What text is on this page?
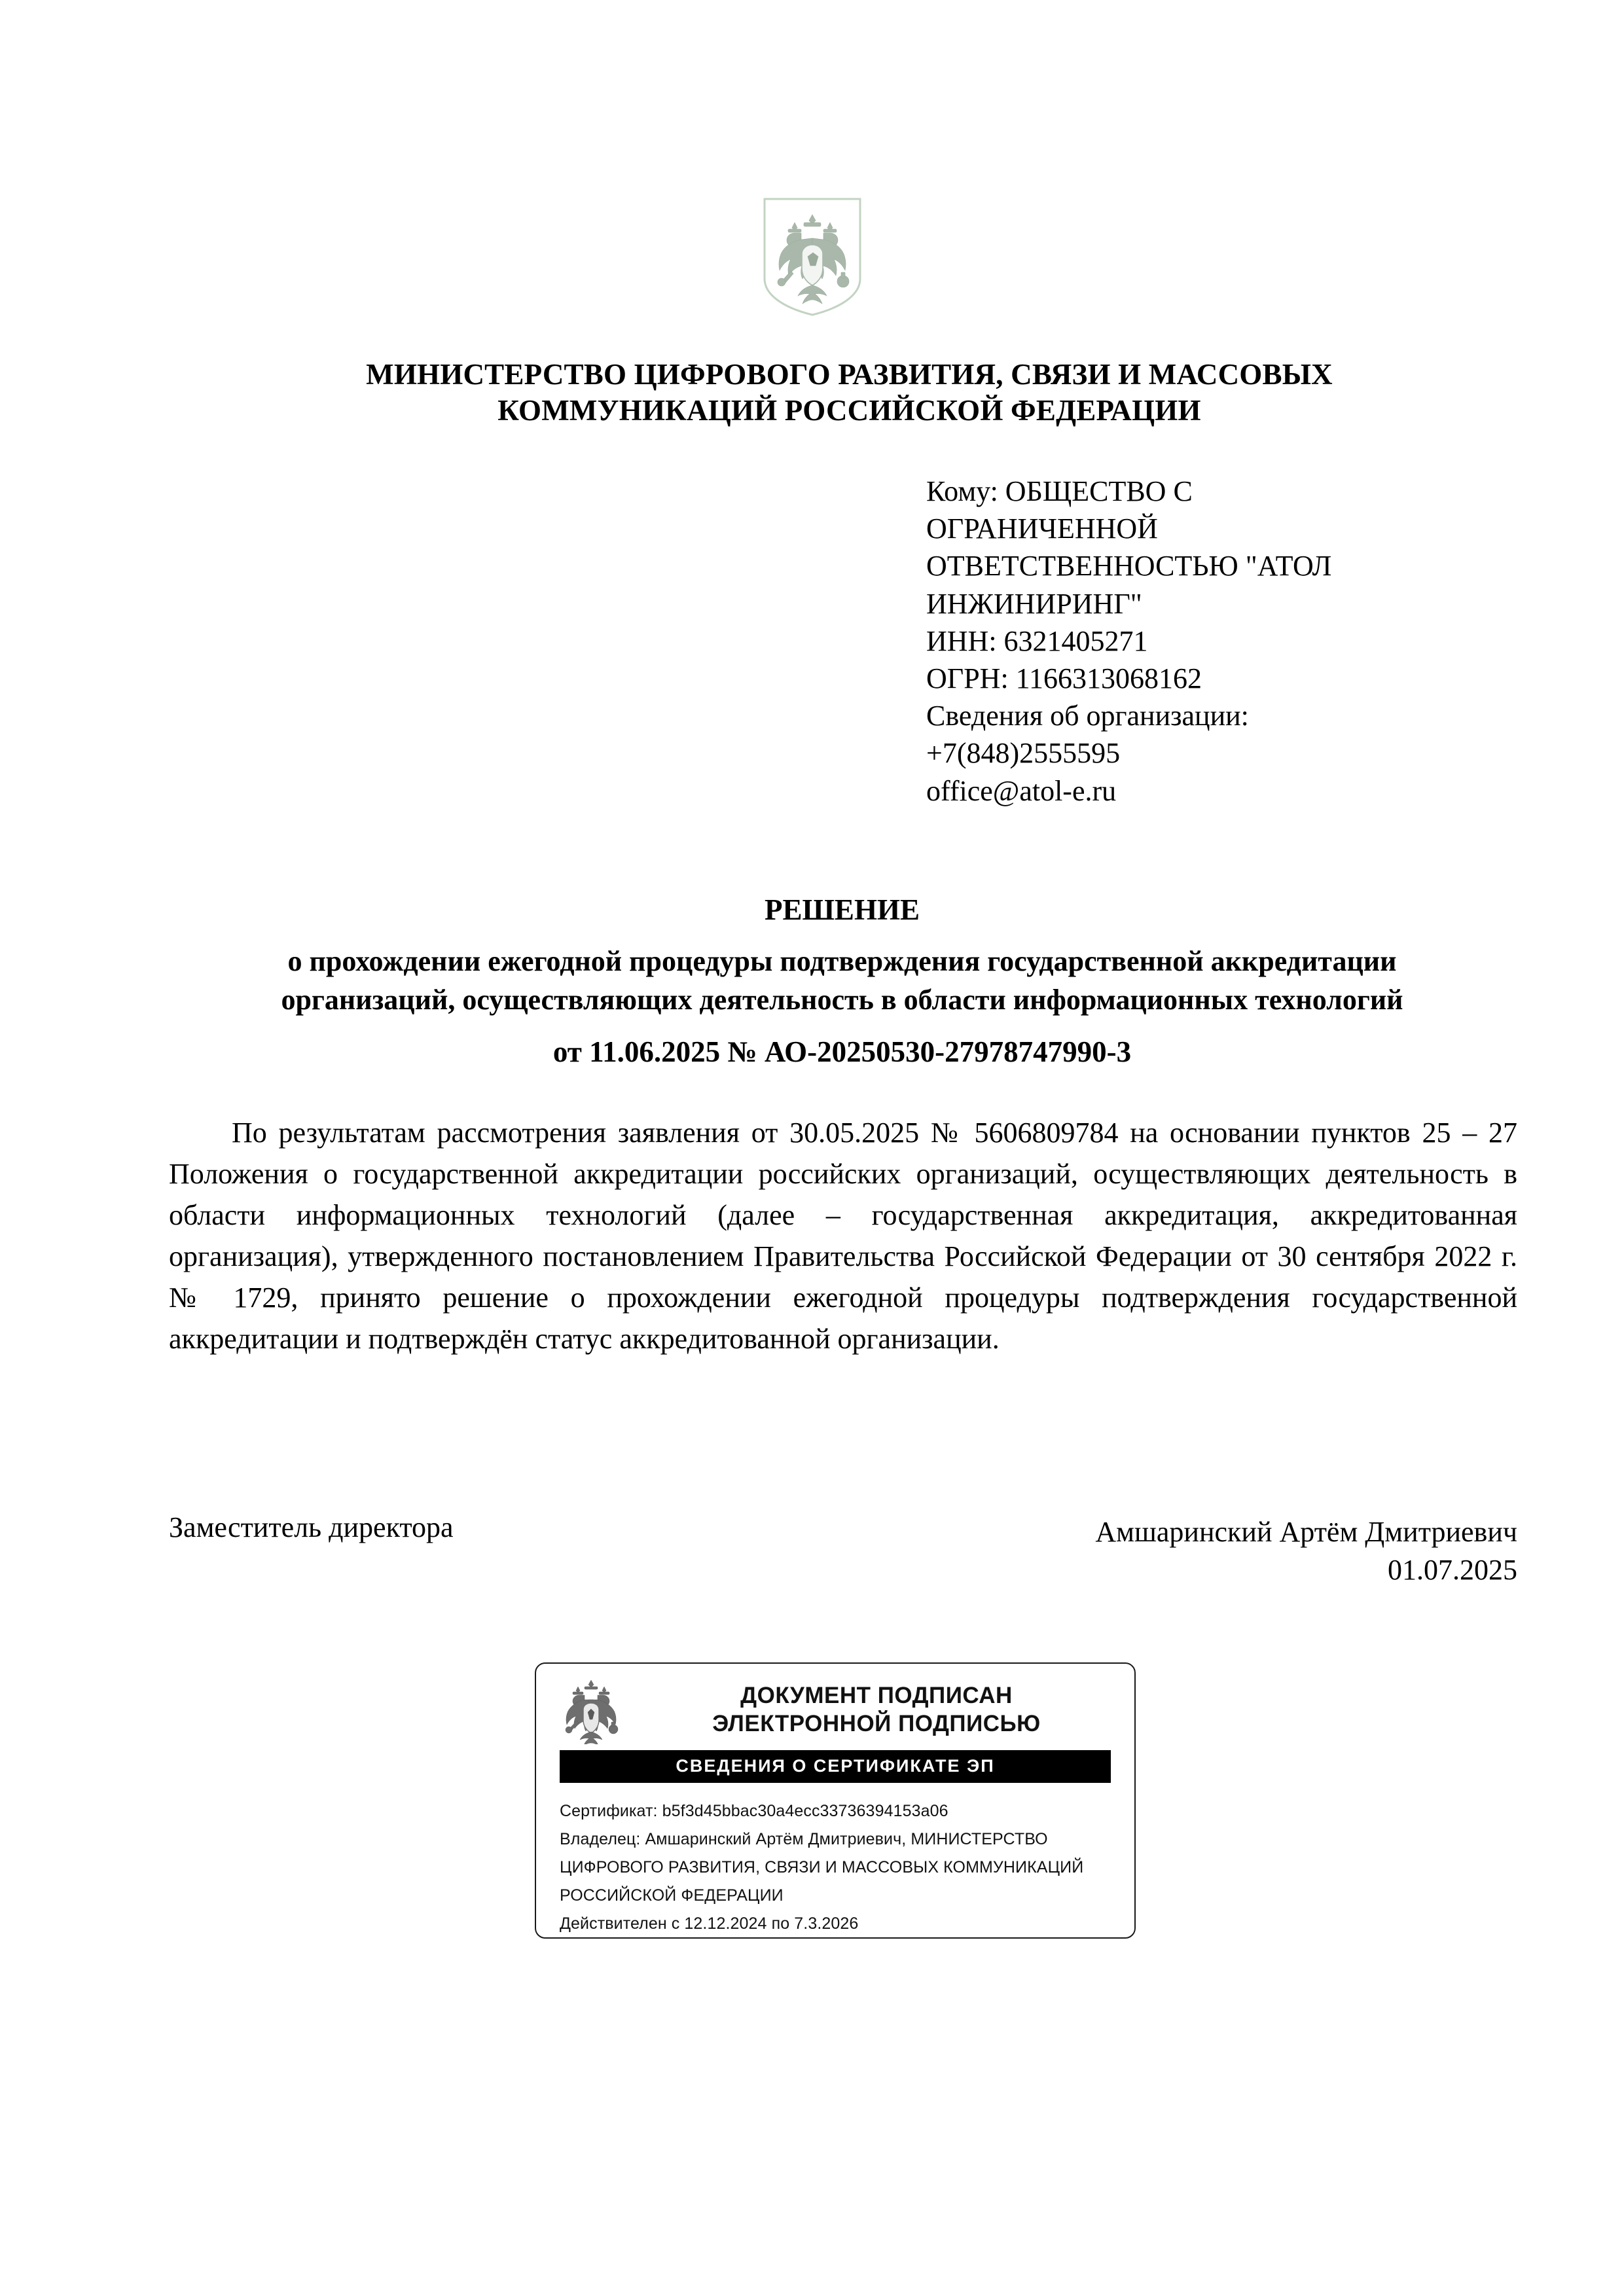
МИНИСТЕРСТВО ЦИФРОВОГО РАЗВИТИЯ, СВЯЗИ И МАССОВЫХ
КОММУНИКАЦИЙ РОССИЙСКОЙ ФЕДЕРАЦИИ
Кому: ОБЩЕСТВО С
ОГРАНИЧЕННОЙ
ОТВЕТСТВЕННОСТЬЮ "АТОЛ
ИНЖИНИРИНГ"
ИНН: 6321405271
ОГРН: 1166313068162
Сведения об организации:
+7(848)2555595
office@atol-e.ru
РЕШЕНИЕ
о прохождении ежегодной процедуры подтверждения государственной аккредитации
организаций, осуществляющих деятельность в области информационных технологий
от 11.06.2025 № АО-20250530-27978747990-3
По результатам рассмотрения заявления от 30.05.2025 № 5606809784 на основании пунктов 25 – 27 Положения о государственной аккредитации российских организаций, осуществляющих деятельность в области информационных технологий (далее – государственная аккредитация, аккредитованная организация), утвержденного постановлением Правительства Российской Федерации от 30 сентября 2022 г. № 1729, принято решение о прохождении ежегодной процедуры подтверждения государственной аккредитации и подтверждён статус аккредитованной организации.
Заместитель директора	Амшаринский Артём Дмитриевич
01.07.2025
ДОКУМЕНТ ПОДПИСАН
ЭЛЕКТРОННОЙ ПОДПИСЬЮ
СВЕДЕНИЯ О СЕРТИФИКАТЕ ЭП
Сертификат: b5f3d45bbac30a4ecc33736394153a06
Владелец: Амшаринский Артём Дмитриевич, МИНИСТЕРСТВО
ЦИФРОВОГО РАЗВИТИЯ, СВЯЗИ И МАССОВЫХ КОММУНИКАЦИЙ
РОССИЙСКОЙ ФЕДЕРАЦИИ
Действителен с 12.12.2024 по 7.3.2026
